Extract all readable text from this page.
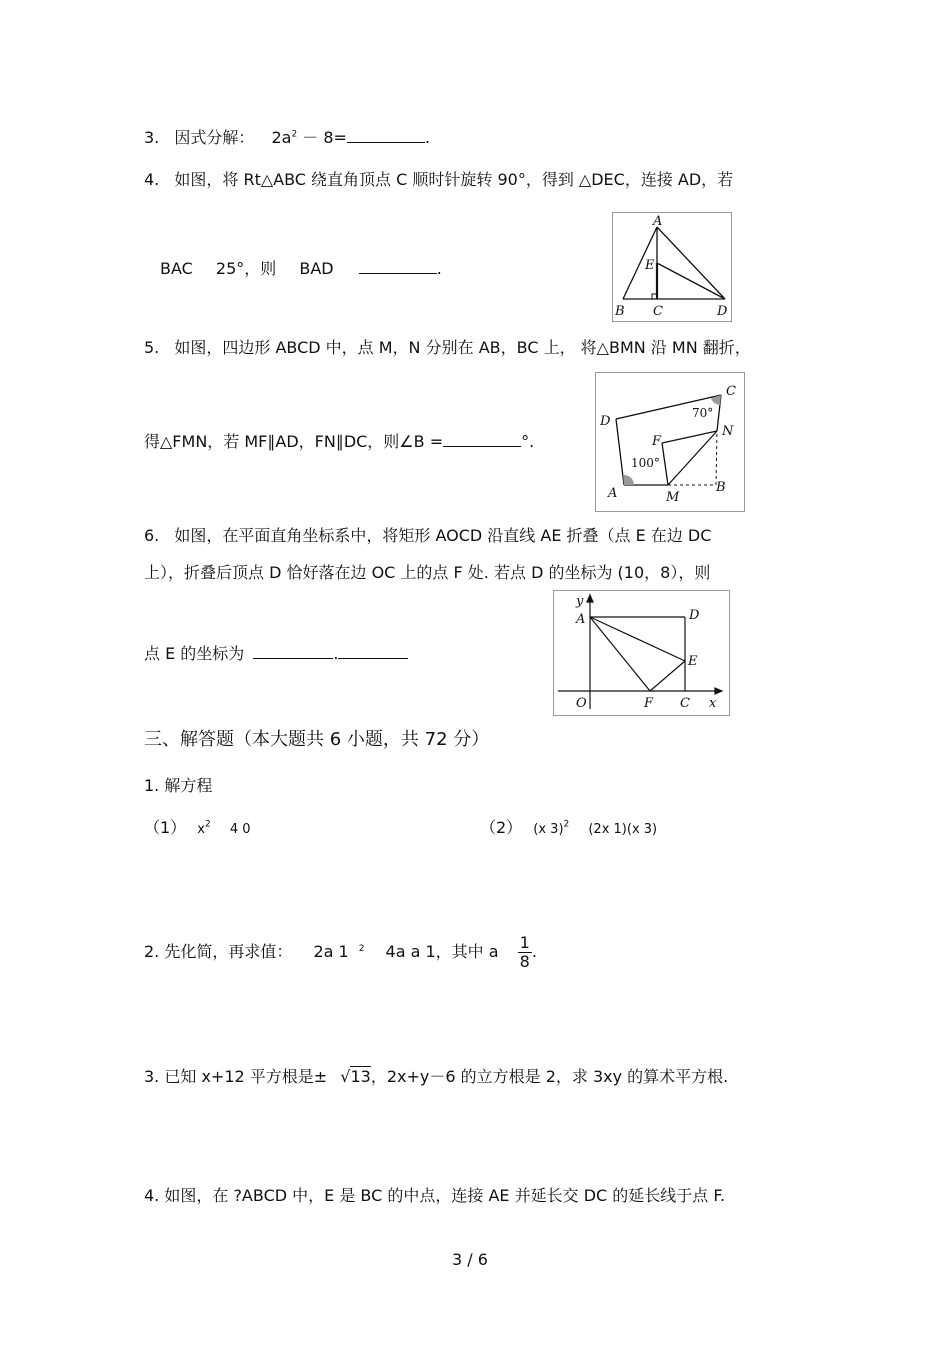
3. 因式分解： $2a^2 - 8=$	.
4. 如图，将 Rt△ABC 绕直角顶点 C 顺时针旋转 90°，得到 △DEC，连接 AD，若
BAC 25°，则 BAD	.
A
E
B C	D
5. 如图，四边形 ABCD 中，点 M，N 分别在 AB，BC 上， 将△BMN 沿 MN 翻折，
得△FMN，若 MF∥AD，FN∥DC，则∠B =	°.
C
D
N
F
A	M
B
70°
100°
6. 如图，在平面直角坐标系中，将矩形 AOCD 沿直线 AE 折叠（点 E 在边 DC
上），折叠后顶点 D 恰好落在边 OC 上的点 F 处. 若点 D 的坐标为 (10，8），则
点 E 的坐标为	.
y
A	D
E
O	F C x
三、解答题（本大题共 6 小题，共 72 分）
1. 解方程
（1） $x^2$ 4 0	（2） (x 3)$^2$ (2x 1)(x 3)
2. 先化简，再求值： 2a 1 $^2$ 4a a 1，其中 a $\frac{1}{8}$ .
3. 已知 x+12 平方根是± √13，2x+y－6 的立方根是 2，求 3xy 的算术平方根.
4. 如图，在 ?ABCD 中，E 是 BC 的中点，连接 AE 并延长交 DC 的延长线于点 F.
3 / 6
